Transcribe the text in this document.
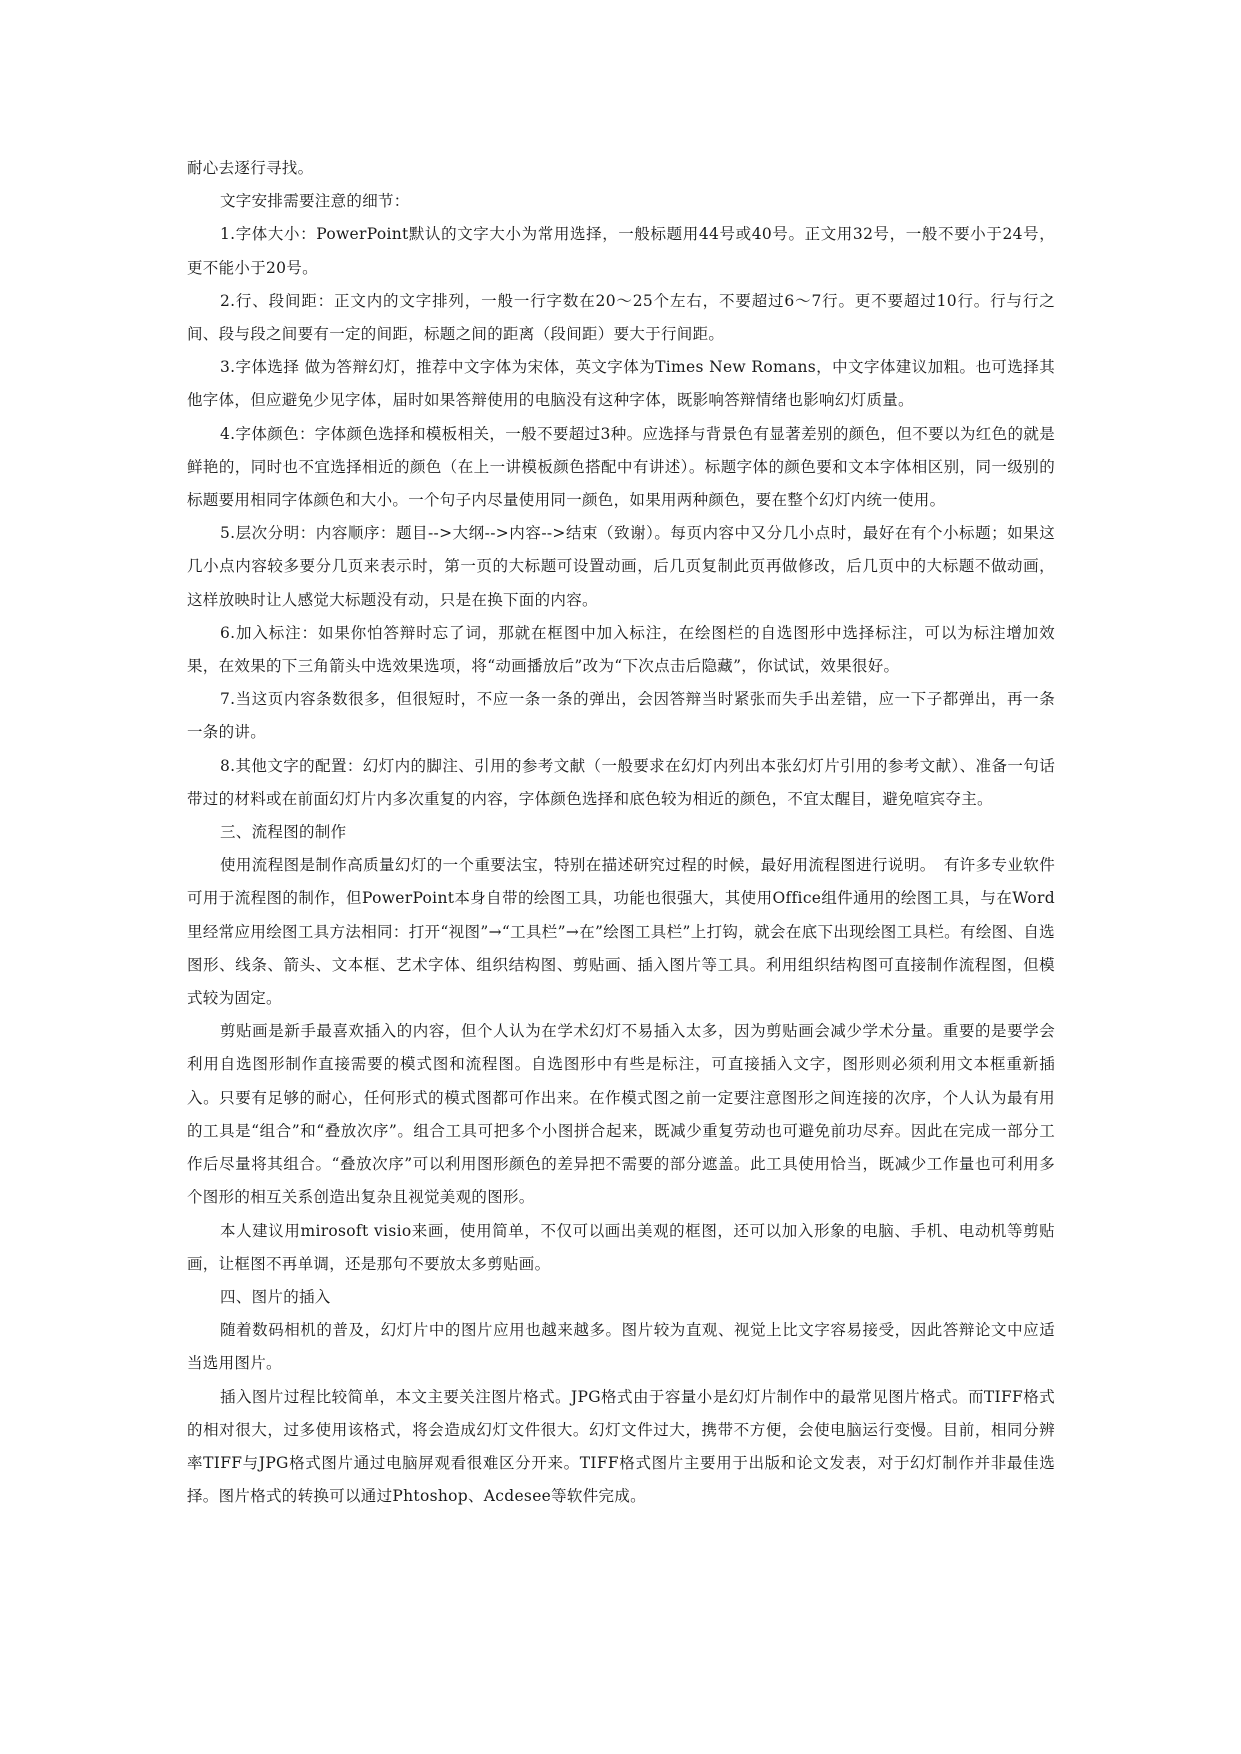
耐心去逐行寻找。

文字安排需要注意的细节：

1.字体大小：PowerPoint默认的文字大小为常用选择，一般标题用44号或40号。正文用32号，一般不要小于24号，更不能小于20号。

2.行、段间距：正文内的文字排列，一般一行字数在20～25个左右，不要超过6～7行。更不要超过10行。行与行之间、段与段之间要有一定的间距，标题之间的距离（段间距）要大于行间距。

3.字体选择 做为答辩幻灯，推荐中文字体为宋体，英文字体为Times New Romans，中文字体建议加粗。也可选择其他字体，但应避免少见字体，届时如果答辩使用的电脑没有这种字体，既影响答辩情绪也影响幻灯质量。

4.字体颜色：字体颜色选择和模板相关，一般不要超过3种。应选择与背景色有显著差别的颜色，但不要以为红色的就是鲜艳的，同时也不宜选择相近的颜色（在上一讲模板颜色搭配中有讲述）。标题字体的颜色要和文本字体相区别，同一级别的标题要用相同字体颜色和大小。一个句子内尽量使用同一颜色，如果用两种颜色，要在整个幻灯内统一使用。

5.层次分明：内容顺序：题目-->大纲-->内容-->结束（致谢）。每页内容中又分几小点时，最好在有个小标题；如果这几小点内容较多要分几页来表示时，第一页的大标题可设置动画，后几页复制此页再做修改，后几页中的大标题不做动画，这样放映时让人感觉大标题没有动，只是在换下面的内容。

6.加入标注：如果你怕答辩时忘了词，那就在框图中加入标注，在绘图栏的自选图形中选择标注，可以为标注增加效果，在效果的下三角箭头中选效果选项，将“动画播放后”改为“下次点击后隐藏”，你试试，效果很好。

7.当这页内容条数很多，但很短时，不应一条一条的弹出，会因答辩当时紧张而失手出差错，应一下子都弹出，再一条一条的讲。

8.其他文字的配置：幻灯内的脚注、引用的参考文献（一般要求在幻灯内列出本张幻灯片引用的参考文献）、准备一句话带过的材料或在前面幻灯片内多次重复的内容，字体颜色选择和底色较为相近的颜色，不宜太醒目，避免喧宾夺主。

三、流程图的制作

使用流程图是制作高质量幻灯的一个重要法宝，特别在描述研究过程的时候，最好用流程图进行说明。　有许多专业软件可用于流程图的制作，但PowerPoint本身自带的绘图工具，功能也很强大，其使用Office组件通用的绘图工具，与在Word里经常应用绘图工具方法相同：打开“视图”→“工具栏”→在”绘图工具栏”上打钩，就会在底下出现绘图工具栏。有绘图、自选图形、线条、箭头、文本框、艺术字体、组织结构图、剪贴画、插入图片等工具。利用组织结构图可直接制作流程图，但模式较为固定。

剪贴画是新手最喜欢插入的内容，但个人认为在学术幻灯不易插入太多，因为剪贴画会减少学术分量。重要的是要学会利用自选图形制作直接需要的模式图和流程图。自选图形中有些是标注，可直接插入文字，图形则必须利用文本框重新插入。只要有足够的耐心，任何形式的模式图都可作出来。在作模式图之前一定要注意图形之间连接的次序，个人认为最有用的工具是“组合”和“叠放次序”。组合工具可把多个小图拼合起来，既减少重复劳动也可避免前功尽弃。因此在完成一部分工作后尽量将其组合。“叠放次序”可以利用图形颜色的差异把不需要的部分遮盖。此工具使用恰当，既减少工作量也可利用多个图形的相互关系创造出复杂且视觉美观的图形。

本人建议用mirosoft visio来画，使用简单，不仅可以画出美观的框图，还可以加入形象的电脑、手机、电动机等剪贴画，让框图不再单调，还是那句不要放太多剪贴画。

四、图片的插入

随着数码相机的普及，幻灯片中的图片应用也越来越多。图片较为直观、视觉上比文字容易接受，因此答辩论文中应适当选用图片。

插入图片过程比较简单，本文主要关注图片格式。JPG格式由于容量小是幻灯片制作中的最常见图片格式。而TIFF格式的相对很大，过多使用该格式，将会造成幻灯文件很大。幻灯文件过大，携带不方便，会使电脑运行变慢。目前，相同分辨率TIFF与JPG格式图片通过电脑屏观看很难区分开来。TIFF格式图片主要用于出版和论文发表，对于幻灯制作并非最佳选择。图片格式的转换可以通过Phtoshop、Acdesee等软件完成。
